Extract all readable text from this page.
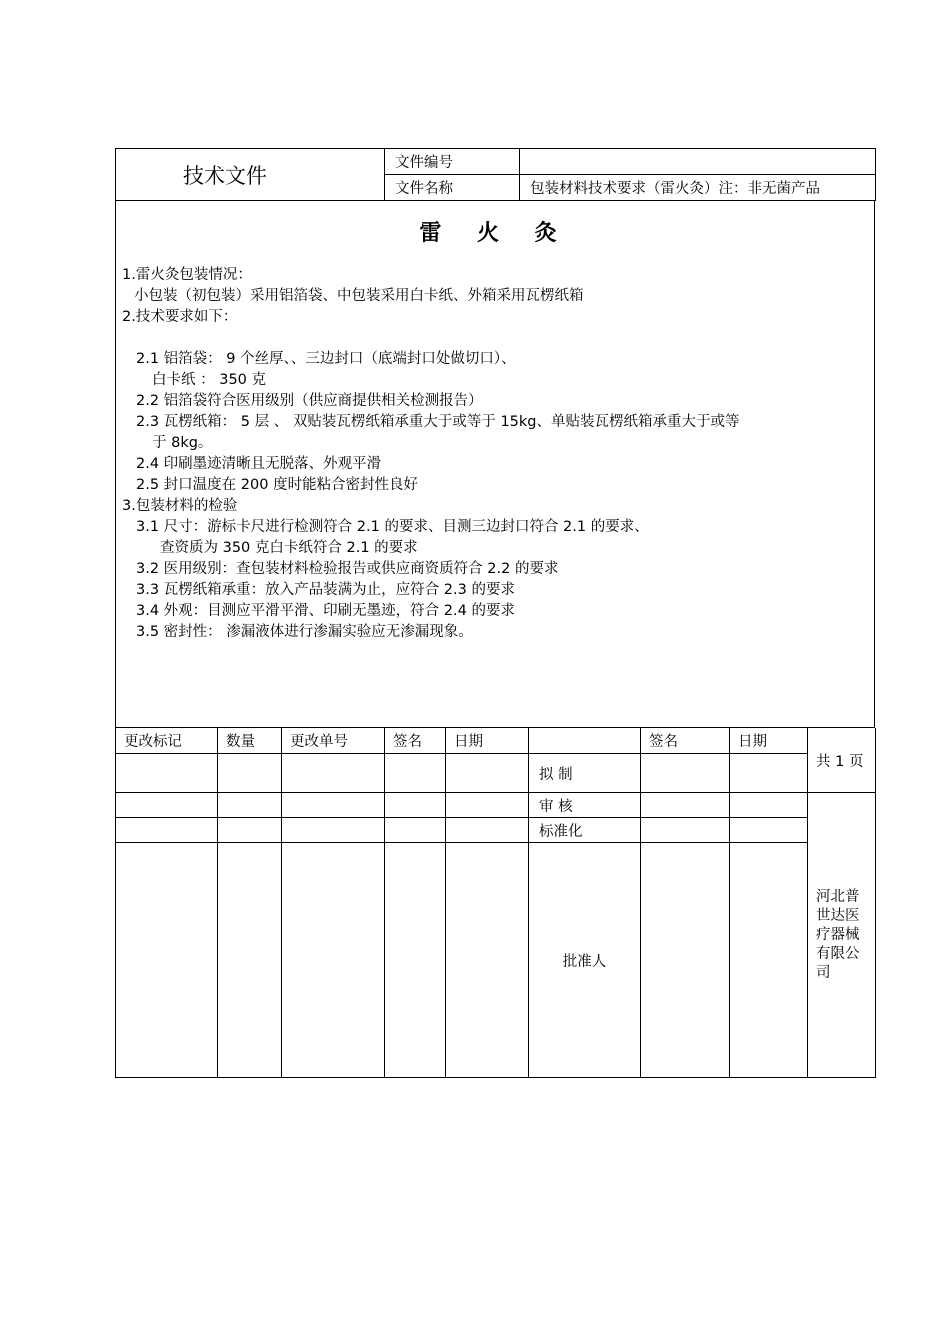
技术文件	文件编号	
	文件名称	包装材料技术要求（雷火灸）注：非无菌产品
雷 火 灸
1.雷火灸包装情况：
小包装（初包装）采用铝箔袋、中包装采用白卡纸、外箱采用瓦楞纸箱
2.技术要求如下：
2.1 铝箔袋： 9 个丝厚、、三边封口（底端封口处做切口）、
白卡纸 ： 350 克
2.2 铝箔袋符合医用级别（供应商提供相关检测报告）
2.3 瓦楞纸箱： 5 层 、 双贴装瓦楞纸箱承重大于或等于 15kg、单贴装瓦楞纸箱承重大于或等
于 8kg。
2.4 印刷墨迹清晰且无脱落、外观平滑
2.5 封口温度在 200 度时能粘合密封性良好
3.包装材料的检验
3.1 尺寸：游标卡尺进行检测符合 2.1 的要求、目测三边封口符合 2.1 的要求、
查资质为 350 克白卡纸符合 2.1 的要求
3.2 医用级别：查包装材料检验报告或供应商资质符合 2.2 的要求
3.3 瓦楞纸箱承重：放入产品装满为止，应符合 2.3 的要求
3.4 外观：目测应平滑平滑、印刷无墨迹，符合 2.4 的要求
3.5 密封性： 渗漏液体进行渗漏实验应无渗漏现象。
更改标记	数量	更改单号	签名	日期		签名	日期	共 1 页
					拟 制			
					审 核			河北普世达医疗器械有限公司
					标准化			
					批准人			
